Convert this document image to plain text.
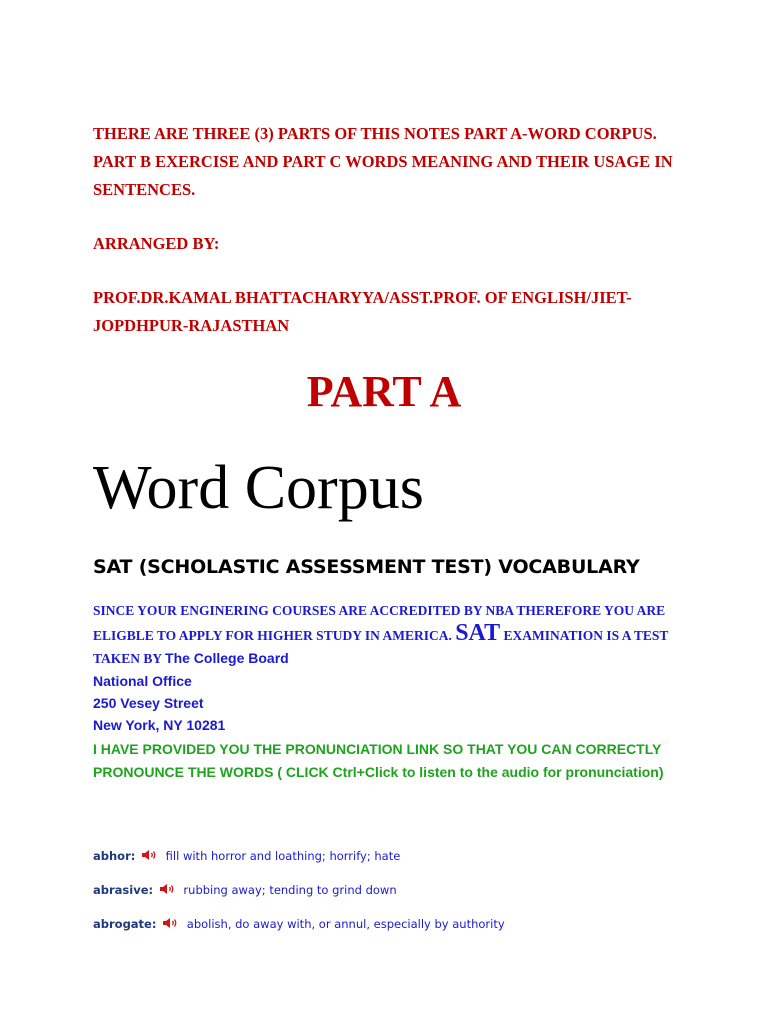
THERE ARE THREE (3) PARTS OF THIS NOTES PART A-WORD CORPUS. PART B EXERCISE AND PART C WORDS MEANING AND THEIR USAGE IN SENTENCES.

ARRANGED BY:

PROF.DR.KAMAL BHATTACHARYYA/ASST.PROF. OF ENGLISH/JIET-JOPDHPUR-RAJASTHAN

PART A
Word Corpus
SAT (SCHOLASTIC ASSESSMENT TEST) VOCABULARY

SINCE YOUR ENGINERING COURSES ARE ACCREDITED BY NBA THEREFORE YOU ARE ELIGBLE TO APPLY FOR HIGHER STUDY IN AMERICA. SAT EXAMINATION IS A TEST TAKEN BY The College Board
National Office
250 Vesey Street
New York, NY 10281

I HAVE PROVIDED YOU THE PRONUNCIATION LINK SO THAT YOU CAN CORRECTLY PRONOUNCE THE WORDS ( CLICK Ctrl+Click to listen to the audio for pronunciation)

abhor:	fill with horror and loathing; horrify; hate

abrasive:	rubbing away; tending to grind down

abrogate:	abolish, do away with, or annul, especially by authority
